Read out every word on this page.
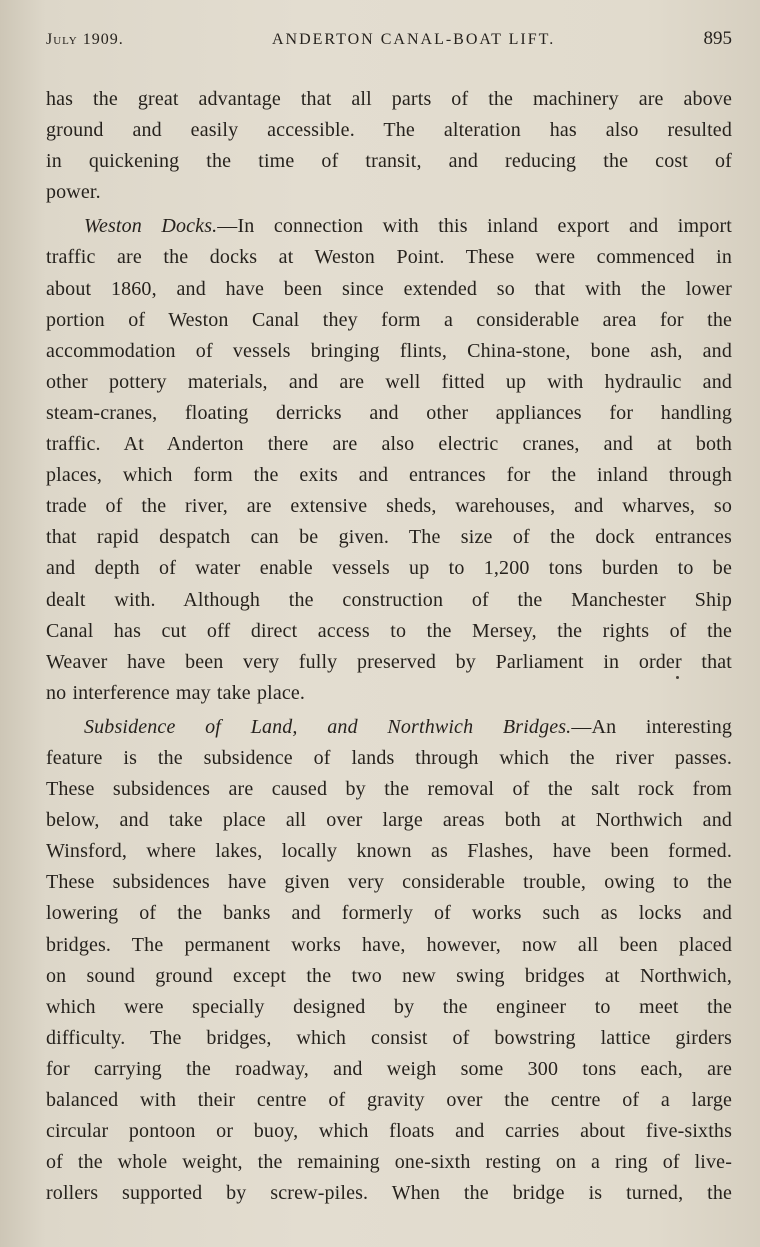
July 1909.	ANDERTON CANAL-BOAT LIFT.	895

has the great advantage that all parts of the machinery are above
ground and easily accessible. The alteration has also resulted
in quickening the time of transit, and reducing the cost of
power.

Weston Docks.—In connection with this inland export and import
traffic are the docks at Weston Point. These were commenced in
about 1860, and have been since extended so that with the lower
portion of Weston Canal they form a considerable area for the
accommodation of vessels bringing flints, China-stone, bone ash, and
other pottery materials, and are well fitted up with hydraulic and
steam-cranes, floating derricks and other appliances for handling
traffic. At Anderton there are also electric cranes, and at both
places, which form the exits and entrances for the inland through
trade of the river, are extensive sheds, warehouses, and wharves, so
that rapid despatch can be given. The size of the dock entrances
and depth of water enable vessels up to 1,200 tons burden to be
dealt with. Although the construction of the Manchester Ship
Canal has cut off direct access to the Mersey, the rights of the
Weaver have been very fully preserved by Parliament in order that
no interference may take place.

Subsidence of Land, and Northwich Bridges.—An interesting
feature is the subsidence of lands through which the river passes.
These subsidences are caused by the removal of the salt rock from
below, and take place all over large areas both at Northwich and
Winsford, where lakes, locally known as Flashes, have been formed.
These subsidences have given very considerable trouble, owing to the
lowering of the banks and formerly of works such as locks and
bridges. The permanent works have, however, now all been placed
on sound ground except the two new swing bridges at Northwich,
which were specially designed by the engineer to meet the
difficulty. The bridges, which consist of bowstring lattice girders
for carrying the roadway, and weigh some 300 tons each, are
balanced with their centre of gravity over the centre of a large
circular pontoon or buoy, which floats and carries about five-sixths
of the whole weight, the remaining one-sixth resting on a ring of live-
rollers supported by screw-piles. When the bridge is turned, the
